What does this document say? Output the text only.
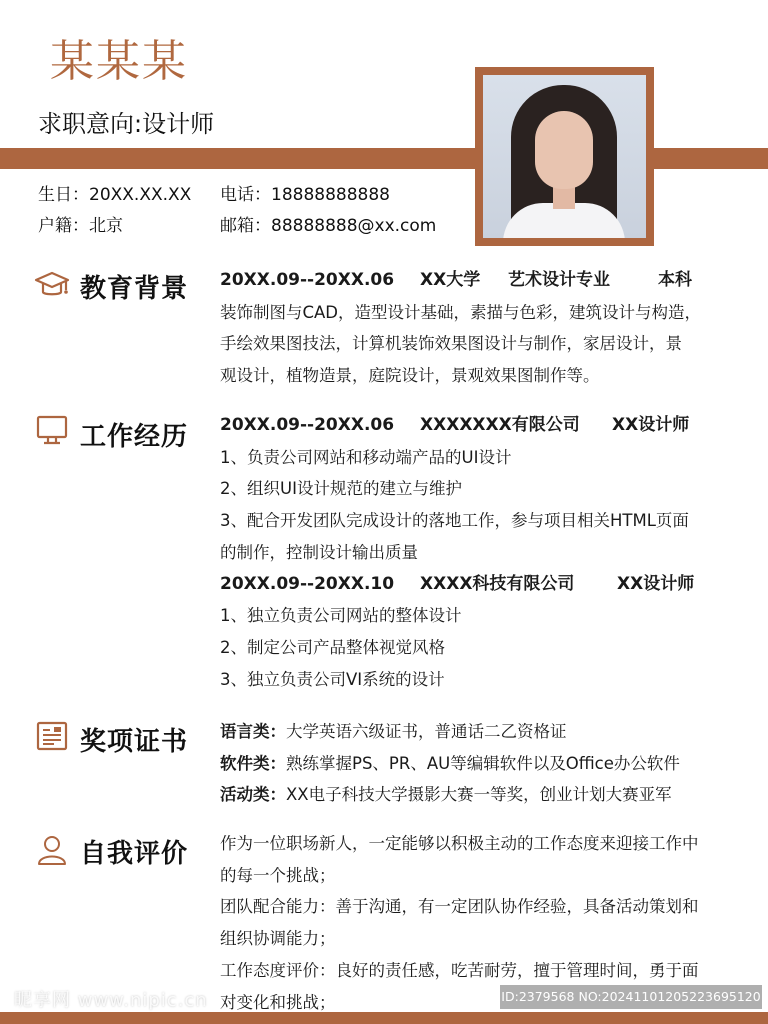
某某某
求职意向:设计师
生日：20XX.XX.XX 电话：18888888888
户籍：北京	邮箱：88888888@xx.com
教育背景 20XX.09--20XX.06 XX大学 艺术设计专业	本科
装饰制图与CAD，造型设计基础，素描与色彩，建筑设计与构造，
手绘效果图技法，计算机装饰效果图设计与制作，家居设计，景
观设计，植物造景，庭院设计，景观效果图制作等。
工作经历 20XX.09--20XX.06 XXXXXXX有限公司 XX设计师
1、负责公司网站和移动端产品的UI设计
2、组织UI设计规范的建立与维护
3、配合开发团队完成设计的落地工作，参与项目相关HTML页面
的制作，控制设计输出质量
20XX.09--20XX.10 XXXX科技有限公司	XX设计师
1、独立负责公司网站的整体设计
2、制定公司产品整体视觉风格
3、独立负责公司VI系统的设计
奖项证书 语言类：大学英语六级证书，普通话二乙资格证
软件类：熟练掌握PS、PR、AU等编辑软件以及Office办公软件
活动类：XX电子科技大学摄影大赛一等奖，创业计划大赛亚军
自我评价 作为一位职场新人，一定能够以积极主动的工作态度来迎接工作中
的每一个挑战；
团队配合能力：善于沟通，有一定团队协作经验，具备活动策划和
组织协调能力；
工作态度评价：良好的责任感，吃苦耐劳，擅于管理时间，勇于面
对变化和挑战；
昵享网 www.nipic.cn	ID:2379568 NO:20241101205223695120
